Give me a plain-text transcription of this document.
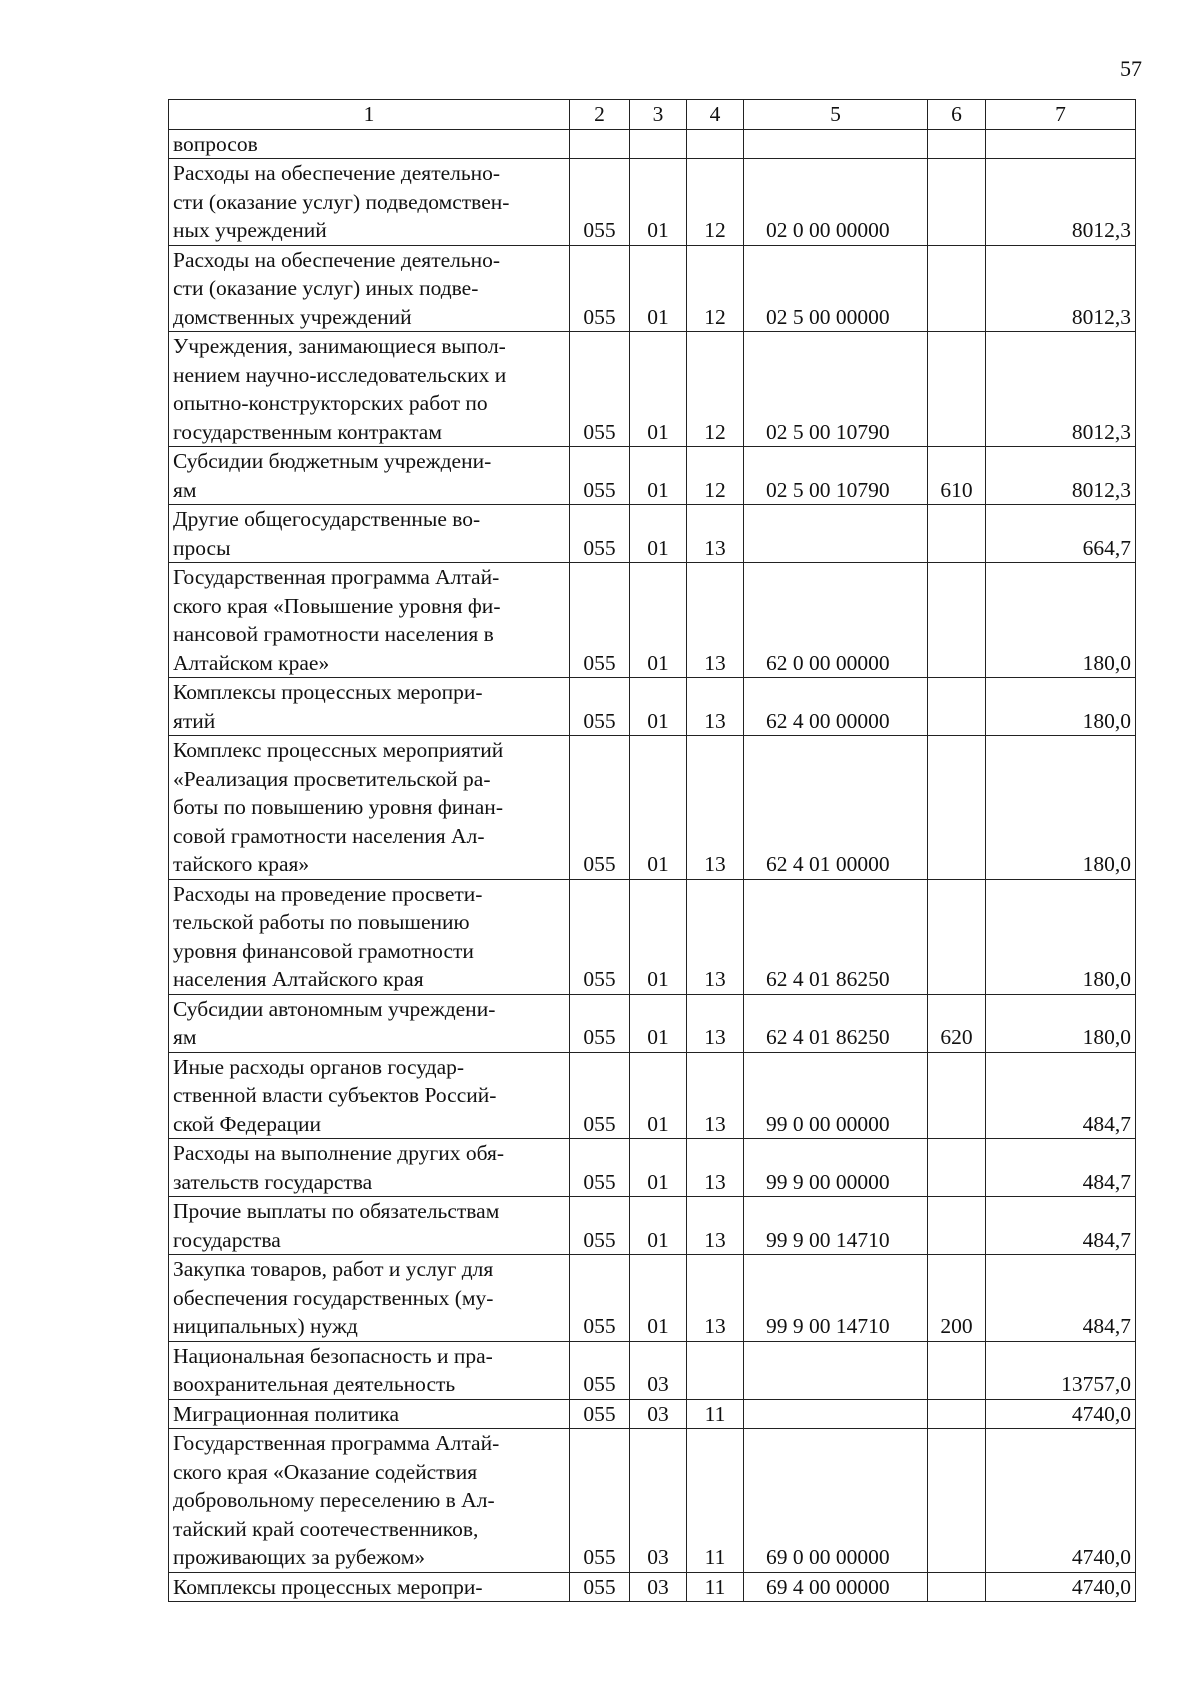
57
1	2	3	4	5	6	7

вопросов						

Расходы на обеспечение деятельно-
сти (оказание услуг) подведомствен-
ных учреждений	055	01	12	02 0 00 00000		8012,3

Расходы на обеспечение деятельно-
сти (оказание услуг) иных подве-
домственных учреждений	055	01	12	02 5 00 00000		8012,3

Учреждения, занимающиеся выпол-
нением научно-исследовательских и
опытно-конструкторских работ по
государственным контрактам	055	01	12	02 5 00 10790		8012,3

Субсидии бюджетным учреждени-
ям	055	01	12	02 5 00 10790	610	8012,3

Другие общегосударственные во-
просы	055	01	13			664,7

Государственная программа Алтай-
ского края «Повышение уровня фи-
нансовой грамотности населения в
Алтайском крае»	055	01	13	62 0 00 00000		180,0

Комплексы процессных меропри-
ятий	055	01	13	62 4 00 00000		180,0

Комплекс процессных мероприятий
«Реализация просветительской ра-
боты по повышению уровня финан-
совой грамотности населения Ал-
тайского края»	055	01	13	62 4 01 00000		180,0

Расходы на проведение просвети-
тельской работы по повышению
уровня финансовой грамотности
населения Алтайского края	055	01	13	62 4 01 86250		180,0

Субсидии автономным учреждени-
ям	055	01	13	62 4 01 86250	620	180,0

Иные расходы органов государ-
ственной власти субъектов Россий-
ской Федерации	055	01	13	99 0 00 00000		484,7

Расходы на выполнение других обя-
зательств государства	055	01	13	99 9 00 00000		484,7

Прочие выплаты по обязательствам
государства	055	01	13	99 9 00 14710		484,7

Закупка товаров, работ и услуг для
обеспечения государственных (му-
ниципальных) нужд	055	01	13	99 9 00 14710	200	484,7

Национальная безопасность и пра-
воохранительная деятельность	055	03				13757,0

Миграционная политика	055	03	11			4740,0

Государственная программа Алтай-
ского края «Оказание содействия
добровольному переселению в Ал-
тайский край соотечественников,
проживающих за рубежом»	055	03	11	69 0 00 00000		4740,0

Комплексы процессных меропри-	055	03	11	69 4 00 00000		4740,0
